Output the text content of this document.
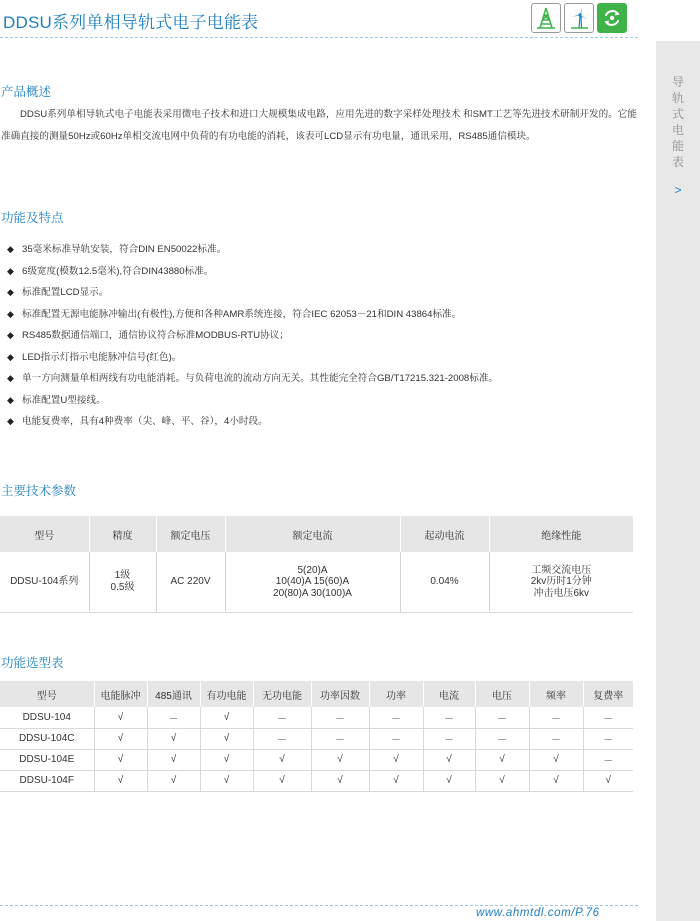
DDSU系列单相导轨式电子电能表
导
轨
式
电
能
表
>
产品概述
DDSU系列单相导轨式电子电能表采用微电子技术和进口大规模集成电路，应用先进的数字采样处理技术 和SMT工艺等先进技术研制开发的。它能准确直接的测量50Hz或60Hz单相交流电网中负荷的有功电能的消耗，该表可LCD显示有功电量，通讯采用，RS485通信模块。
功能及特点
◆ 35毫米标准导轨安装，符合DIN EN50022标准。
◆ 6级宽度(模数12.5毫米),符合DIN43880标准。
◆ 标准配置LCD显示。
◆ 标准配置无源电能脉冲输出(有极性),方便和各种AMR系统连接，符合IEC 62053－21和DIN 43864标准。
◆ RS485数据通信端口，通信协议符合标准MODBUS-RTU协议；
◆ LED指示灯指示电能脉冲信号(红色)。
◆ 单一方向测量单相两线有功电能消耗。与负荷电流的流动方向无关。其性能完全符合GB/T17215.321-2008标准。
◆ 标准配置U型接线。
◆ 电能复费率，具有4种费率（尖、峰、平、谷），4小时段。
主要技术参数
型号	精度	额定电压	额定电流	起动电流	绝缘性能
DDSU-104系列	1级
0.5级	AC 220V	5(20)A
10(40)A 15(60)A
20(80)A 30(100)A	0.04%	工频交流电压
2kv历时1分钟
冲击电压6kv
功能选型表
型号	电能脉冲	485通讯	有功电能	无功电能	功率因数	功率	电流	电压	频率	复费率
DDSU-104	√	－	√	－	－	－	－	－	－	－
DDSU-104C	√	√	√	－	－	－	－	－	－	－
DDSU-104E	√	√	√	√	√	√	√	√	√	－
DDSU-104F	√	√	√	√	√	√	√	√	√	√
www.ahmtdl.com/P.76
